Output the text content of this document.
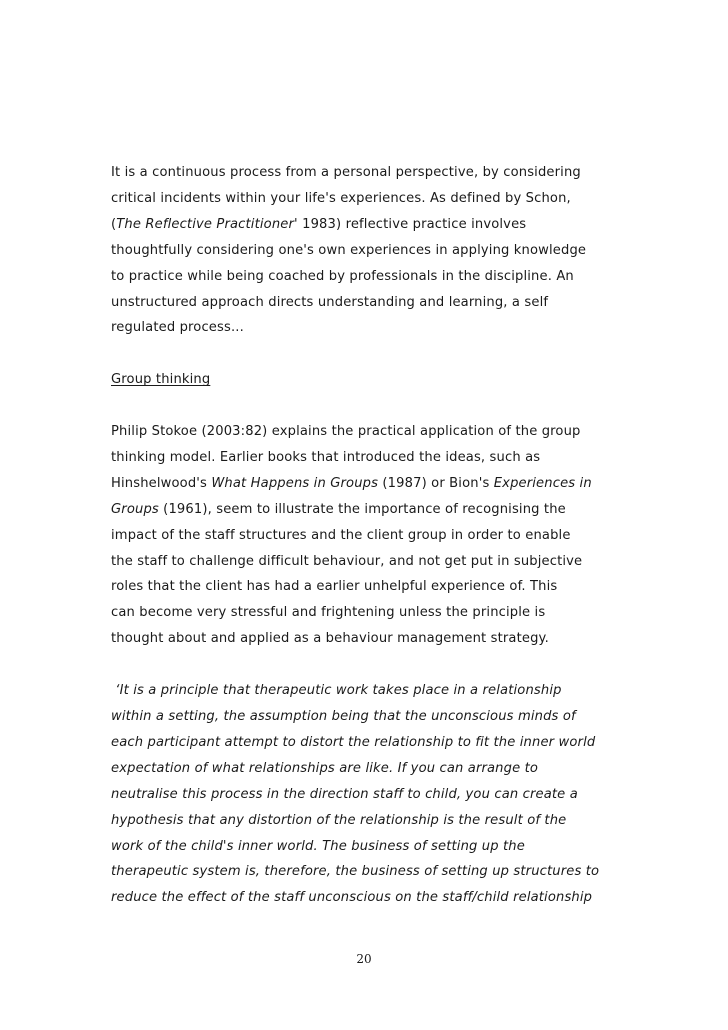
It is a continuous process from a personal perspective, by considering
critical incidents within your life's experiences. As defined by Schon,
(The Reflective Practitioner' 1983) reflective practice involves
thoughtfully considering one's own experiences in applying knowledge
to practice while being coached by professionals in the discipline. An
unstructured approach directs understanding and learning, a self
regulated process...

Group thinking

Philip Stokoe (2003:82) explains the practical application of the group
thinking model. Earlier books that introduced the ideas, such as
Hinshelwood's What Happens in Groups (1987) or Bion's Experiences in
Groups (1961), seem to illustrate the importance of recognising the
impact of the staff structures and the client group in order to enable
the staff to challenge difficult behaviour, and not get put in subjective
roles that the client has had a earlier unhelpful experience of. This
can become very stressful and frightening unless the principle is
thought about and applied as a behaviour management strategy.

‘It is a principle that therapeutic work takes place in a relationship
within a setting, the assumption being that the unconscious minds of
each participant attempt to distort the relationship to fit the inner world
expectation of what relationships are like. If you can arrange to
neutralise this process in the direction staff to child, you can create a
hypothesis that any distortion of the relationship is the result of the
work of the child's inner world. The business of setting up the
therapeutic system is, therefore, the business of setting up structures to
reduce the effect of the staff unconscious on the staff/child relationship

20
